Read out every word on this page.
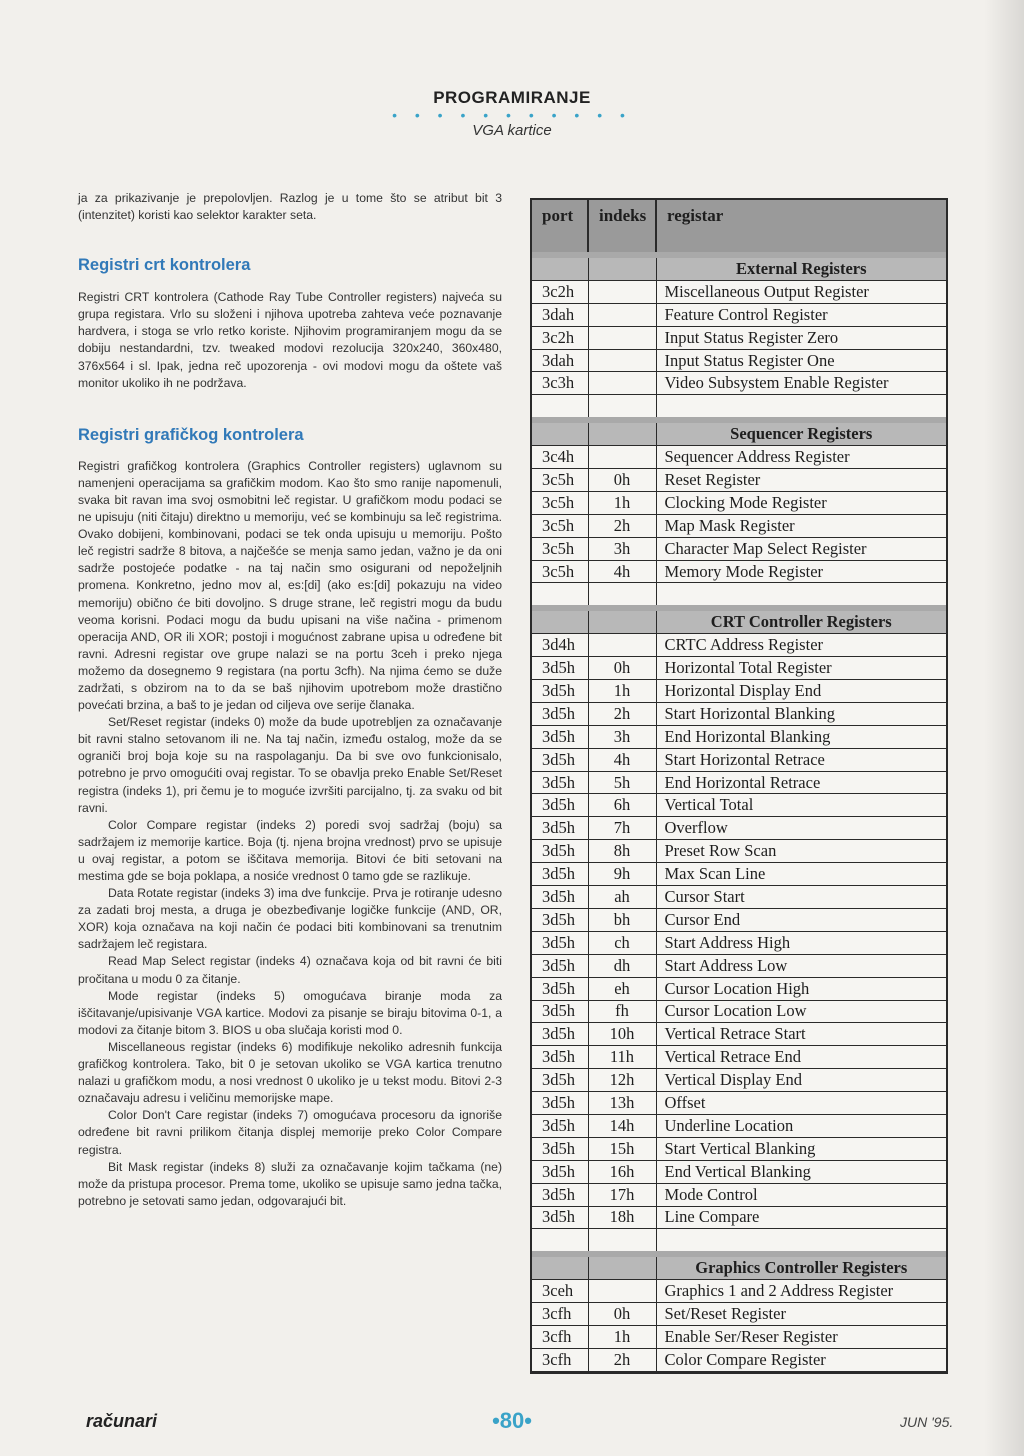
PROGRAMIRANJE
• • • • • • • • • • •
VGA kartice

ja za prikazivanje je prepolovljen. Razlog je u tome što se atribut bit 3 (intenzitet) koristi kao selektor karakter seta.

Registri crt kontrolera

Registri CRT kontrolera (Cathode Ray Tube Controller registers) najveća su grupa registara. Vrlo su složeni i njihova upotreba zahteva veće poznavanje hardvera, i stoga se vrlo retko koriste. Njihovim programiranjem mogu da se dobiju nestandardni, tzv. tweaked modovi rezolucija 320x240, 360x480, 376x564 i sl. Ipak, jedna reč upozorenja - ovi modovi mogu da oštete vaš monitor ukoliko ih ne podržava.

Registri grafičkog kontrolera

Registri grafičkog kontrolera (Graphics Controller registers) uglavnom su namenjeni operacijama sa grafičkim modom. Kao što smo ranije napomenuli, svaka bit ravan ima svoj osmobitni leč registar. U grafičkom modu podaci se ne upisuju (niti čitaju) direktno u memoriju, već se kombinuju sa leč registrima. Ovako dobijeni, kombinovani, podaci se tek onda upisuju u memoriju. Pošto leč registri sadrže 8 bitova, a najčešće se menja samo jedan, važno je da oni sadrže postojeće podatke - na taj način smo osigurani od nepoželjnih promena. Konkretno, jedno mov al, es:[di] (ako es:[di] pokazuju na video memoriju) obično će biti dovoljno. S druge strane, leč registri mogu da budu veoma korisni. Podaci mogu da budu upisani na više načina - primenom operacija AND, OR ili XOR; postoji i mogućnost zabrane upisa u određene bit ravni. Adresni registar ove grupe nalazi se na portu 3ceh i preko njega možemo da dosegnemo 9 registara (na portu 3cfh). Na njima ćemo se duže zadržati, s obzirom na to da se baš njihovim upotrebom može drastično povećati brzina, a baš to je jedan od ciljeva ove serije članaka.

Set/Reset registar (indeks 0) može da bude upotrebljen za označavanje bit ravni stalno setovanom ili ne. Na taj način, između ostalog, može da se ograniči broj boja koje su na raspolaganju. Da bi sve ovo funkcionisalo, potrebno je prvo omogućiti ovaj registar. To se obavlja preko Enable Set/Reset registra (indeks 1), pri čemu je to moguće izvršiti parcijalno, tj. za svaku od bit ravni.

Color Compare registar (indeks 2) poredi svoj sadržaj (boju) sa sadržajem iz memorije kartice. Boja (tj. njena brojna vrednost) prvo se upisuje u ovaj registar, a potom se iščitava memorija. Bitovi će biti setovani na mestima gde se boja poklapa, a nosiće vrednost 0 tamo gde se razlikuje.

Data Rotate registar (indeks 3) ima dve funkcije. Prva je rotiranje udesno za zadati broj mesta, a druga je obezbeđivanje logičke funkcije (AND, OR, XOR) koja označava na koji način će podaci biti kombinovani sa trenutnim sadržajem leč registara.

Read Map Select registar (indeks 4) označava koja od bit ravni će biti pročitana u modu 0 za čitanje.

Mode registar (indeks 5) omogućava biranje moda za iščitavanje/upisivanje VGA kartice. Modovi za pisanje se biraju bitovima 0-1, a modovi za čitanje bitom 3. BIOS u oba slučaja koristi mod 0.

Miscellaneous registar (indeks 6) modifikuje nekoliko adresnih funkcija grafičkog kontrolera. Tako, bit 0 je setovan ukoliko se VGA kartica trenutno nalazi u grafičkom modu, a nosi vrednost 0 ukoliko je u tekst modu. Bitovi 2-3 označavaju adresu i veličinu memorijske mape.

Color Don't Care registar (indeks 7) omogućava procesoru da ignoriše određene bit ravni prilikom čitanja displej memorije preko Color Compare registra.

Bit Mask registar (indeks 8) služi za označavanje kojim tačkama (ne) može da pristupa procesor. Prema tome, ukoliko se upisuje samo jedna tačka, potrebno je setovati samo jedan, odgovarajući bit.

port	indeks	registar
		External Registers
3c2h		Miscellaneous Output Register
3dah		Feature Control Register
3c2h		Input Status Register Zero
3dah		Input Status Register One
3c3h		Video Subsystem Enable Register

		Sequencer Registers
3c4h		Sequencer Address Register
3c5h	0h	Reset Register
3c5h	1h	Clocking Mode Register
3c5h	2h	Map Mask Register
3c5h	3h	Character Map Select Register
3c5h	4h	Memory Mode Register

		CRT Controller Registers
3d4h		CRTC Address Register
3d5h	0h	Horizontal Total Register
3d5h	1h	Horizontal Display End
3d5h	2h	Start Horizontal Blanking
3d5h	3h	End Horizontal Blanking
3d5h	4h	Start Horizontal Retrace
3d5h	5h	End Horizontal Retrace
3d5h	6h	Vertical Total
3d5h	7h	Overflow
3d5h	8h	Preset Row Scan
3d5h	9h	Max Scan Line
3d5h	ah	Cursor Start
3d5h	bh	Cursor End
3d5h	ch	Start Address High
3d5h	dh	Start Address Low
3d5h	eh	Cursor Location High
3d5h	fh	Cursor Location Low
3d5h	10h	Vertical Retrace Start
3d5h	11h	Vertical Retrace End
3d5h	12h	Vertical Display End
3d5h	13h	Offset
3d5h	14h	Underline Location
3d5h	15h	Start Vertical Blanking
3d5h	16h	End Vertical Blanking
3d5h	17h	Mode Control
3d5h	18h	Line Compare

		Graphics Controller Registers
3ceh		Graphics 1 and 2 Address Register
3cfh	0h	Set/Reset Register
3cfh	1h	Enable Ser/Reser Register
3cfh	2h	Color Compare Register
računari	•80•	JUN '95.
